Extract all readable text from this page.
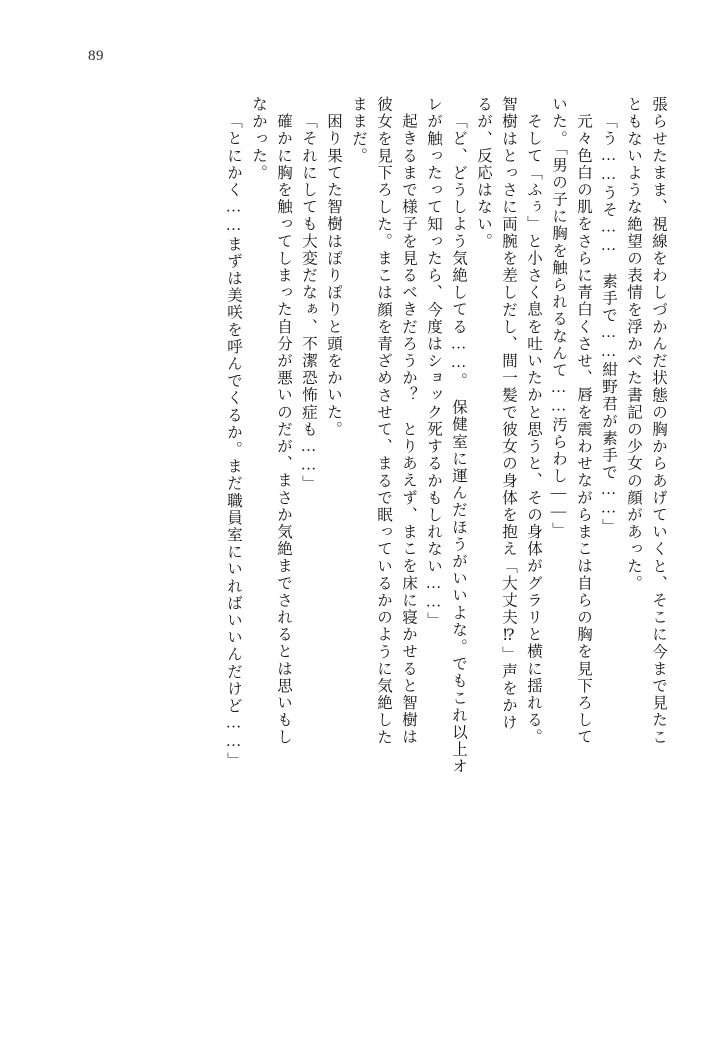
89
張らせたまま、視線をわしづかんだ状態の胸からあげていくと、そこに今まで見たこ
ともないような絶望の表情を浮かべた書記の少女の顔があった。
「う……うそ……　素手で……紺野君が素手で……」
元々色白の肌をさらに青白くさせ、唇を震わせながらまこは自らの胸を見下ろして
いた。「男の子に胸を触られるなんて……汚らわし――」
そして「ふぅ」と小さく息を吐いたかと思うと、その身体がグラリと横に揺れる。
智樹はとっさに両腕を差しだし、間一髪で彼女の身体を抱え「大丈夫⁉」声をかけ
るが、反応はない。
「ど、どうしよう気絶してる……。　保健室に運んだほうがいいよな。でもこれ以上オ
レが触ったって知ったら、今度はショック死するかもしれない……」
起きるまで様子を見るべきだろうか？　とりあえず、まこを床に寝かせると智樹は
彼女を見下ろした。まこは顔を青ざめさせて、まるで眠っているかのように気絶した
ままだ。
困り果てた智樹はぽりぽりと頭をかいた。
「それにしても大変だなぁ、不潔恐怖症も……」
確かに胸を触ってしまった自分が悪いのだが、まさか気絶までされるとは思いもし
なかった。
「とにかく……まずは美咲を呼んでくるか。まだ職員室にいればいいんだけど……」
